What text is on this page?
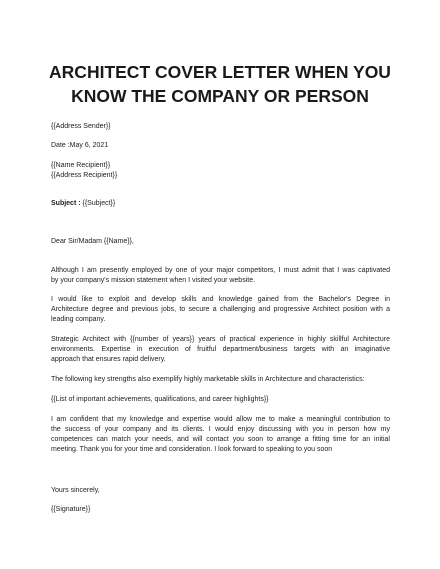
ARCHITECT COVER LETTER WHEN YOU
KNOW THE COMPANY OR PERSON
{{Address Sender}}
Date :May 6, 2021
{{Name Recipient}}
{{Address Recipient}}
Subject : {{Subject}}
Dear Sir/Madam {{Name}},
Although I am presently employed by one of your major competitors, I must admit that I was captivated
by your company's mission statement when I visited your website.
I would like to exploit and develop skills and knowledge gained from the Bachelor's Degree in
Architecture degree and previous jobs, to secure a challenging and progressive Architect position with a
leading company.
Strategic Architect with {{number of years}} years of practical experience in highly skillful Architecture
environments. Expertise in execution of fruitful department/business targets with an imaginative
approach that ensures rapid delivery.
The following key strengths also exemplify highly marketable skills in Architecture and characteristics:
{{List of important achievements, qualifications, and career highlights}}
I am confident that my knowledge and expertise would allow me to make a meaningful contribution to
the success of your company and its clients. I would enjoy discussing with you in person how my
competences can match your needs, and will contact you soon to arrange a fitting time for an initial
meeting. Thank you for your time and consideration. I look forward to speaking to you soon
Yours sincerely,
{{Signature}}
